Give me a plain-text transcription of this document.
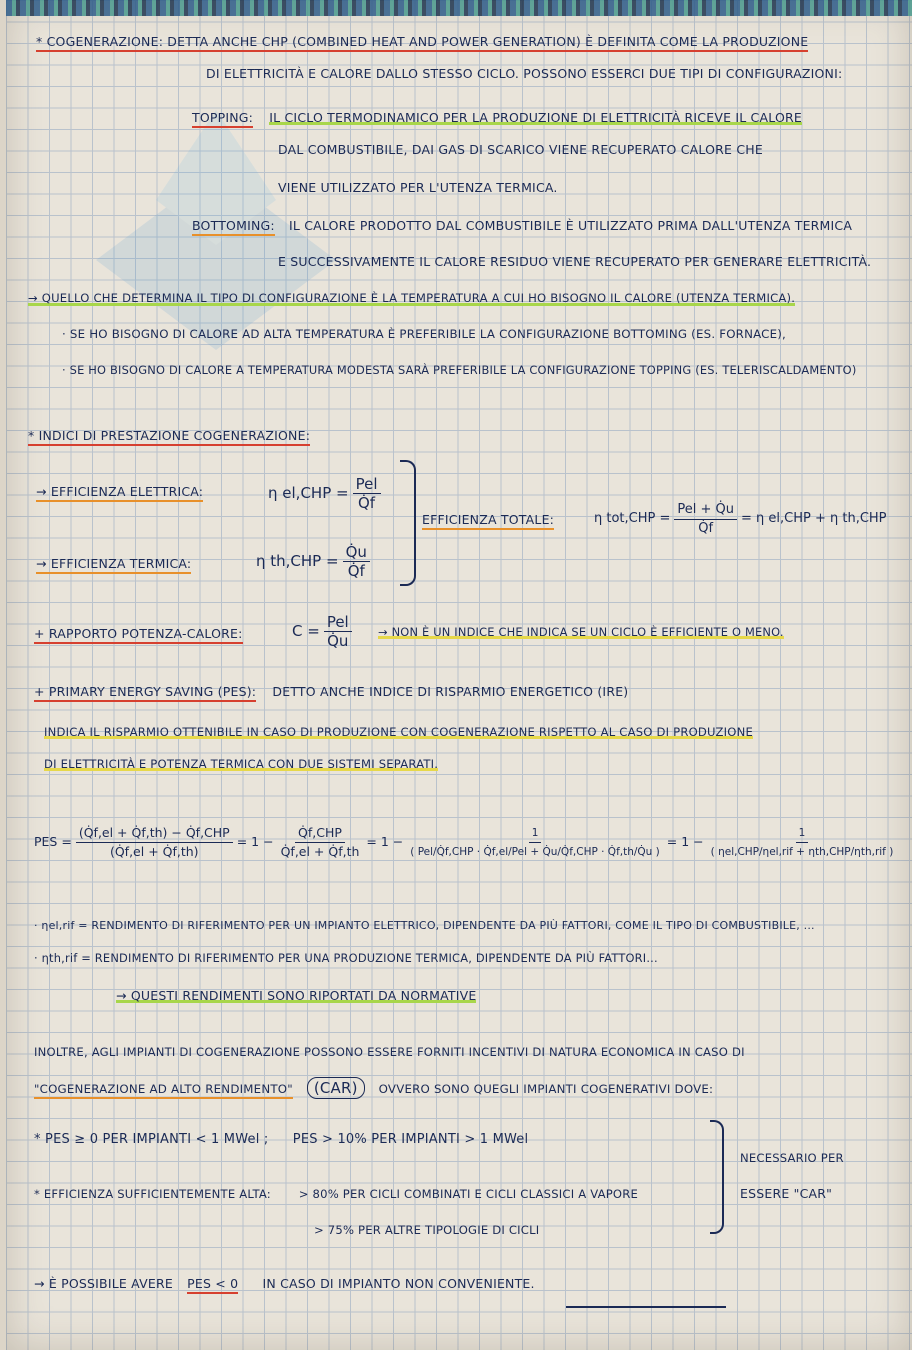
* COGENERAZIONE: DETTA ANCHE CHP (COMBINED HEAT AND POWER GENERATION) È DEFINITA COME LA PRODUZIONE
DI ELETTRICITÀ E CALORE DALLO STESSO CICLO. POSSONO ESSERCI DUE TIPI DI CONFIGURAZIONI:
TOPPING: IL CICLO TERMODINAMICO PER LA PRODUZIONE DI ELETTRICITÀ RICEVE IL CALORE
DAL COMBUSTIBILE, DAI GAS DI SCARICO VIENE RECUPERATO CALORE CHE
VIENE UTILIZZATO PER L'UTENZA TERMICA.
BOTTOMING: IL CALORE PRODOTTO DAL COMBUSTIBILE È UTILIZZATO PRIMA DALL'UTENZA TERMICA
E SUCCESSIVAMENTE IL CALORE RESIDUO VIENE RECUPERATO PER GENERARE ELETTRICITÀ.
→ QUELLO CHE DETERMINA IL TIPO DI CONFIGURAZIONE È LA TEMPERATURA A CUI HO BISOGNO IL CALORE (UTENZA TERMICA).
· SE HO BISOGNO DI CALORE AD ALTA TEMPERATURA È PREFERIBILE LA CONFIGURAZIONE BOTTOMING (ES. FORNACE),
· SE HO BISOGNO DI CALORE A TEMPERATURA MODESTA SARÀ PREFERIBILE LA CONFIGURAZIONE TOPPING (ES. TELERISCALDAMENTO)
* INDICI DI PRESTAZIONE COGENERAZIONE:
→ EFFICIENZA ELETTRICA:	η $el,CHP = \frac{\text{Pel}}{Q̇f}$
→ EFFICIENZA TERMICA:	η $th,CHP = \frac{Q̇u}{Q̇f}$
EFFICIENZA TOTALE:	η $tot,CHP = \frac{\text{Pel + Q̇u}}{Q̇f} = \eta$ el,CHP + η th,CHP
+ RAPPORTO POTENZA-CALORE:	$C = \frac{\text{Pel}}{Q̇u}$ → NON È UN INDICE CHE INDICA SE UN CICLO È EFFICIENTE O MENO.
+ PRIMARY ENERGY SAVING (PES): DETTO ANCHE INDICE DI RISPARMIO ENERGETICO (IRE)
INDICA IL RISPARMIO OTTENIBILE IN CASO DI PRODUZIONE CON COGENERAZIONE RISPETTO AL CASO DI PRODUZIONE
DI ELETTRICITÀ E POTENZA TERMICA CON DUE SISTEMI SEPARATI.
PES = $\frac{\text{(Q̇f,el + Q̇f,th) − Q̇f,CHP}}{(Q̇f,el + Q̇f,th)} = 1 - \frac{\text{Q̇f,CHP}}{Q̇f,el + Q̇f,th} = 1 - \frac{1}{\text{( Pel/Q̇f,CHP · Q̇f,el/Pel + Q̇u/Q̇f,CHP · Q̇f,th/Q̇u )}} = 1 - \frac{1}{\text{( ηel,CHP/ηel,rif + ηth,CHP/ηth,rif )}}$
· ηel,rif = RENDIMENTO DI RIFERIMENTO PER UN IMPIANTO ELETTRICO, DIPENDENTE DA PIÙ FATTORI, COME IL TIPO DI COMBUSTIBILE, ...
· ηth,rif = RENDIMENTO DI RIFERIMENTO PER UNA PRODUZIONE TERMICA, DIPENDENTE DA PIÙ FATTORI...
→ QUESTI RENDIMENTI SONO RIPORTATI DA NORMATIVE
INOLTRE, AGLI IMPIANTI DI COGENERAZIONE POSSONO ESSERE FORNITI INCENTIVI DI NATURA ECONOMICA IN CASO DI
"COGENERAZIONE AD ALTO RENDIMENTO" (CAR) OVVERO SONO QUEGLI IMPIANTI COGENERATIVI DOVE:
* PES ≥ 0 PER IMPIANTI < 1 MWel ; PES > 10% PER IMPIANTI > 1 MWel
* EFFICIENZA SUFFICIENTEMENTE ALTA: > 80% PER CICLI COMBINATI E CICLI CLASSICI A VAPORE
> 75% PER ALTRE TIPOLOGIE DI CICLI
NECESSARIO PER
ESSERE "CAR"
→ È POSSIBILE AVERE PES < 0 IN CASO DI IMPIANTO NON CONVENIENTE.
